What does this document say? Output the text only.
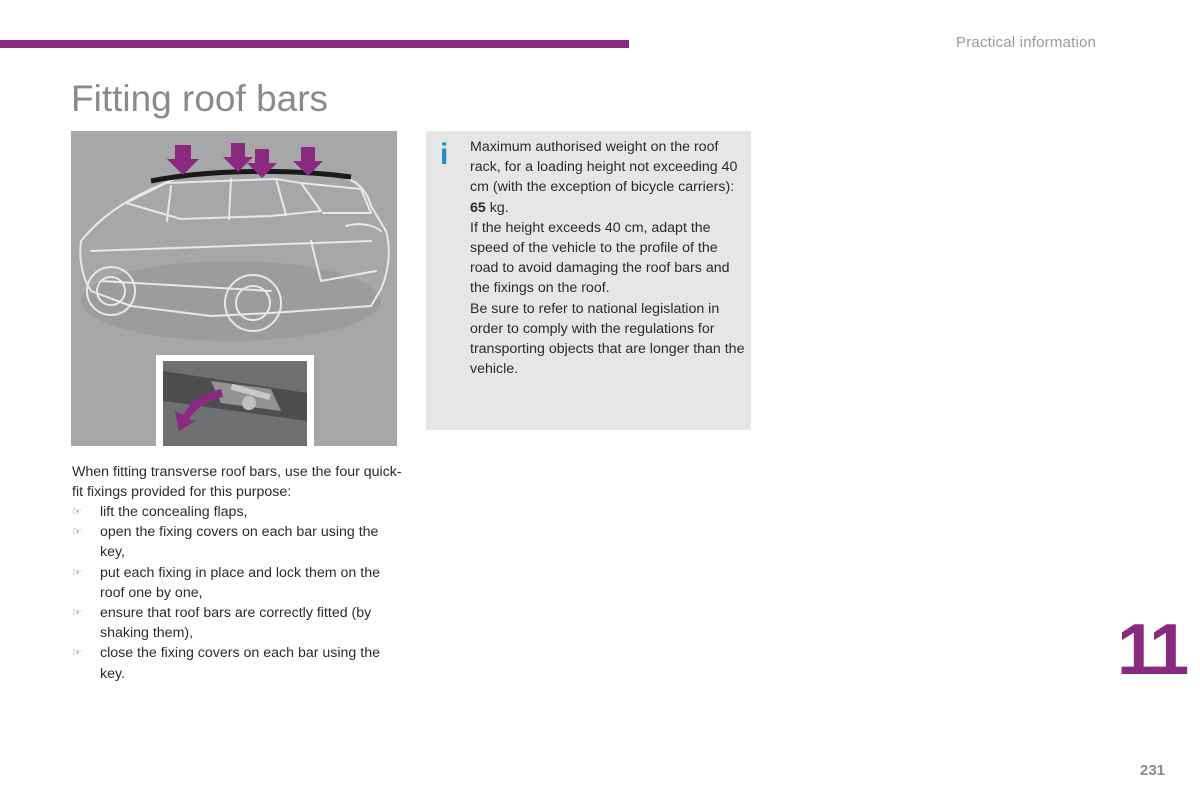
Practical information
Fitting roof bars
i Maximum authorised weight on the roof rack, for a loading height not exceeding 40 cm (with the exception of bicycle carriers): 65 kg.

If the height exceeds 40 cm, adapt the speed of the vehicle to the profile of the road to avoid damaging the roof bars and the fixings on the roof.

Be sure to refer to national legislation in order to comply with the regulations for transporting objects that are longer than the vehicle.

When fitting transverse roof bars, use the four quick-fit fixings provided for this purpose:

☞ lift the concealing flaps,
☞ open the fixing covers on each bar using the key,
☞ put each fixing in place and lock them on the roof one by one,
☞ ensure that roof bars are correctly fitted (by shaking them),
☞ close the fixing covers on each bar using the key.	11
231
